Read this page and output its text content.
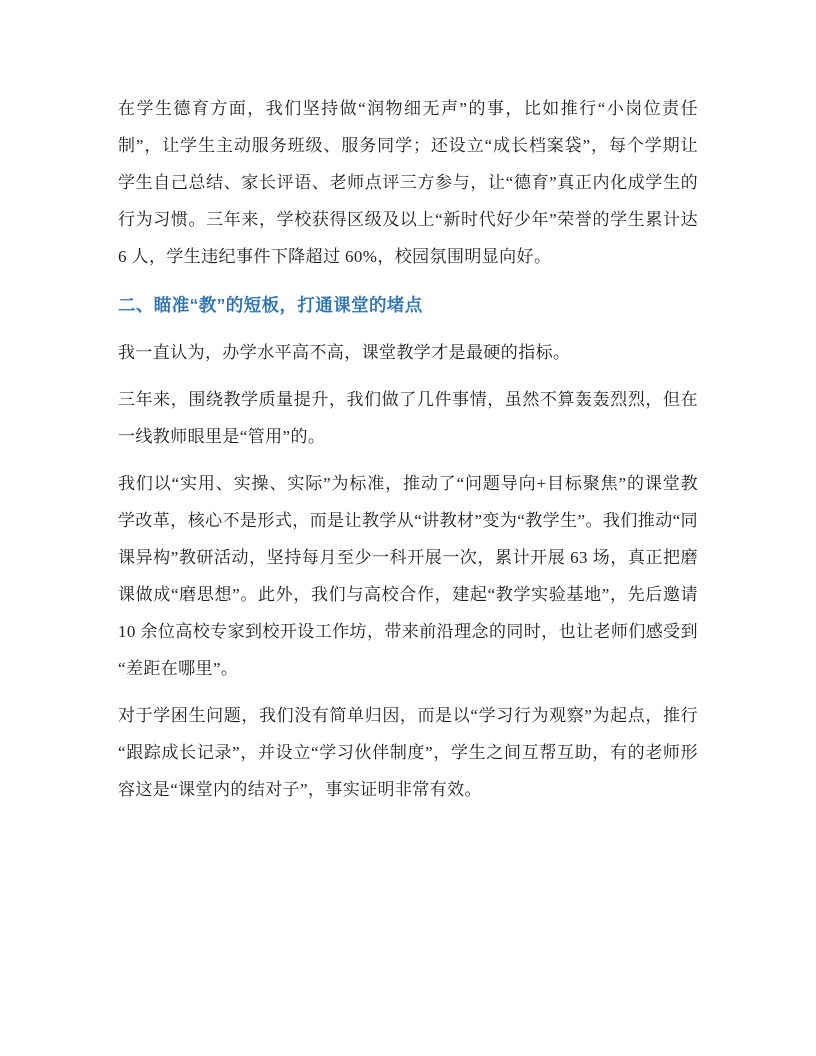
在学生德育方面，我们坚持做“润物细无声”的事，比如推行“小岗位责任制”，让学生主动服务班级、服务同学；还设立“成长档案袋”，每个学期让学生自己总结、家长评语、老师点评三方参与，让“德育”真正内化成学生的行为习惯。三年来，学校获得区级及以上“新时代好少年”荣誉的学生累计达 6 人，学生违纪事件下降超过 60%，校园氛围明显向好。

二、瞄准“教”的短板，打通课堂的堵点

我一直认为，办学水平高不高，课堂教学才是最硬的指标。

三年来，围绕教学质量提升，我们做了几件事情，虽然不算轰轰烈烈，但在一线教师眼里是“管用”的。

我们以“实用、实操、实际”为标准，推动了“问题导向+目标聚焦”的课堂教学改革，核心不是形式，而是让教学从“讲教材”变为“教学生”。我们推动“同课异构”教研活动，坚持每月至少一科开展一次，累计开展 63 场，真正把磨课做成“磨思想”。此外，我们与高校合作，建起“教学实验基地”，先后邀请 10 余位高校专家到校开设工作坊，带来前沿理念的同时，也让老师们感受到“差距在哪里”。

对于学困生问题，我们没有简单归因，而是以“学习行为观察”为起点，推行“跟踪成长记录”，并设立“学习伙伴制度”，学生之间互帮互助，有的老师形容这是“课堂内的结对子”，事实证明非常有效。
